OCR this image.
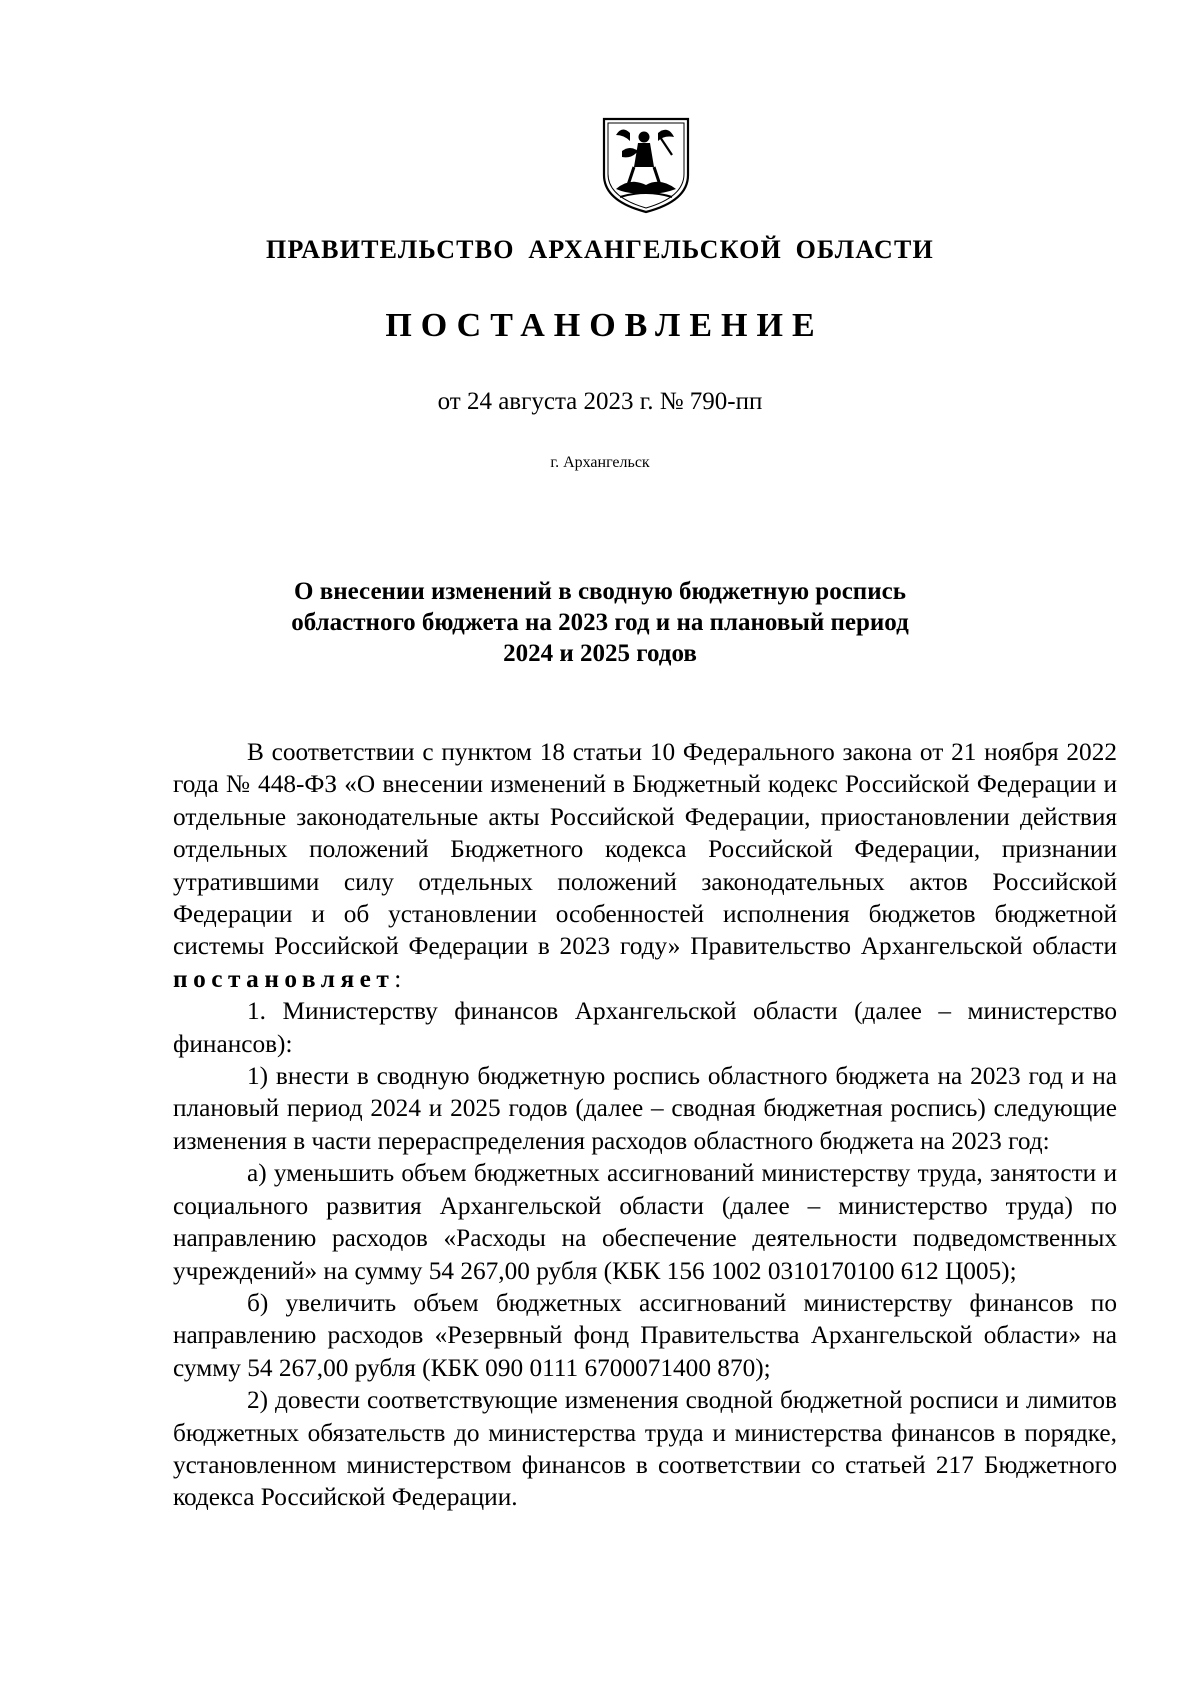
ПРАВИТЕЛЬСТВО АРХАНГЕЛЬСКОЙ ОБЛАСТИ
ПОСТАНОВЛЕНИЕ
от 24 августа 2023 г. № 790-пп
г. Архангельск
О внесении изменений в сводную бюджетную роспись
областного бюджета на 2023 год и на плановый период
2024 и 2025 годов

В соответствии с пунктом 18 статьи 10 Федерального закона от 21 ноября 2022 года № 448-ФЗ «О внесении изменений в Бюджетный кодекс Российской Федерации и отдельные законодательные акты Российской Федерации, приостановлении действия отдельных положений Бюджетного кодекса Российской Федерации, признании утратившими силу отдельных положений законодательных актов Российской Федерации и об установлении особенностей исполнения бюджетов бюджетной системы Российской Федерации в 2023 году» Правительство Архангельской области постановляет:

1. Министерству финансов Архангельской области (далее – министерство финансов):

1) внести в сводную бюджетную роспись областного бюджета на 2023 год и на плановый период 2024 и 2025 годов (далее – сводная бюджетная роспись) следующие изменения в части перераспределения расходов областного бюджета на 2023 год:

а) уменьшить объем бюджетных ассигнований министерству труда, занятости и социального развития Архангельской области (далее – министерство труда) по направлению расходов «Расходы на обеспечение деятельности подведомственных учреждений» на сумму 54 267,00 рубля (КБК 156 1002 0310170100 612 Ц005);

б) увеличить объем бюджетных ассигнований министерству финансов по направлению расходов «Резервный фонд Правительства Архангельской области» на сумму 54 267,00 рубля (КБК 090 0111 6700071400 870);

2) довести соответствующие изменения сводной бюджетной росписи и лимитов бюджетных обязательств до министерства труда и министерства финансов в порядке, установленном министерством финансов в соответствии со статьей 217 Бюджетного кодекса Российской Федерации.
